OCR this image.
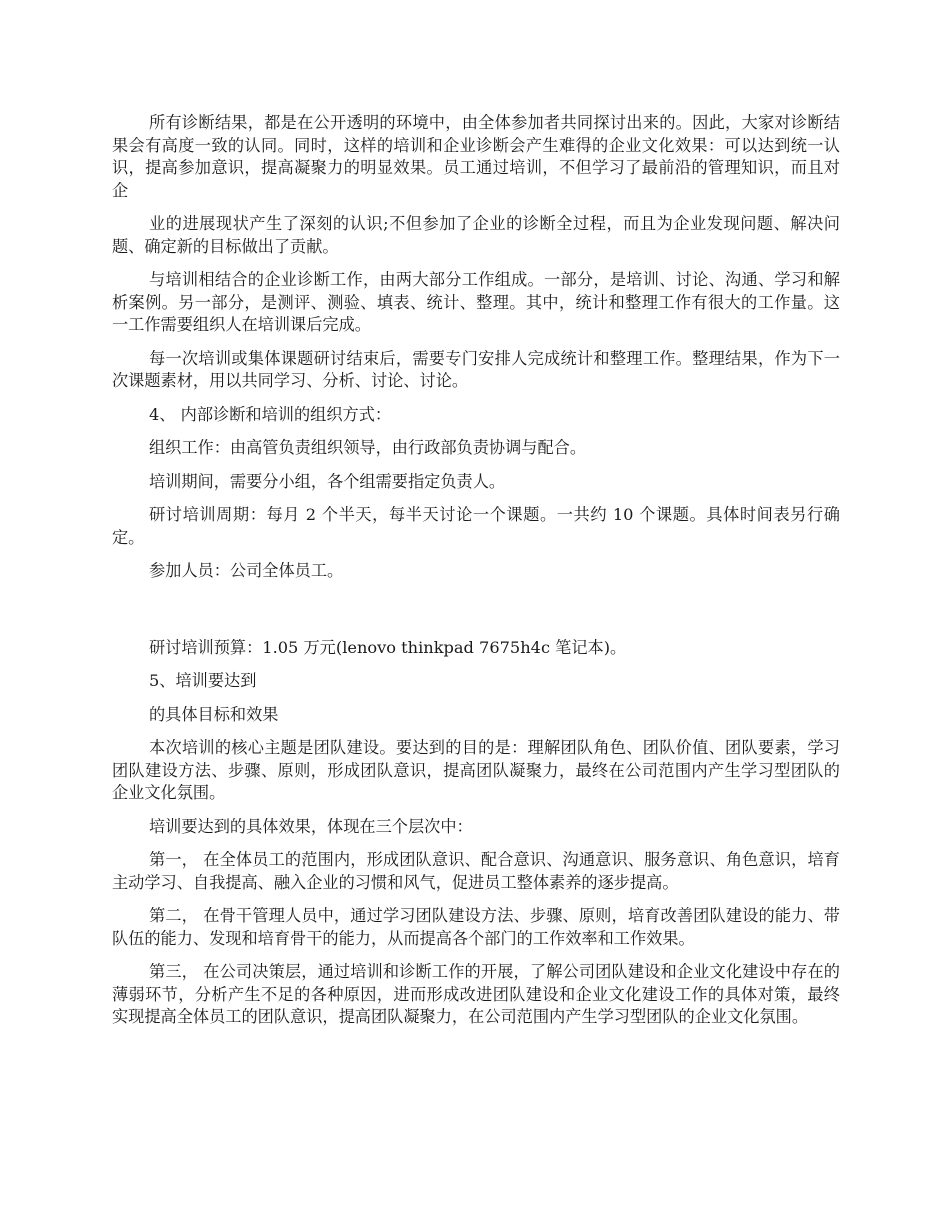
所有诊断结果，都是在公开透明的环境中，由全体参加者共同探讨出来的。因此，大家对诊断结果会有高度一致的认同。同时，这样的培训和企业诊断会产生难得的企业文化效果：可以达到统一认识，提高参加意识，提高凝聚力的明显效果。员工通过培训，不但学习了最前沿的管理知识，而且对企

业的进展现状产生了深刻的认识;不但参加了企业的诊断全过程，而且为企业发现问题、解决问题、确定新的目标做出了贡献。

与培训相结合的企业诊断工作，由两大部分工作组成。一部分，是培训、讨论、沟通、学习和解析案例。另一部分，是测评、测验、填表、统计、整理。其中，统计和整理工作有很大的工作量。这一工作需要组织人在培训课后完成。

每一次培训或集体课题研讨结束后，需要专门安排人完成统计和整理工作。整理结果，作为下一次课题素材，用以共同学习、分析、讨论、讨论。

4、 内部诊断和培训的组织方式：

组织工作：由高管负责组织领导，由行政部负责协调与配合。

培训期间，需要分小组，各个组需要指定负责人。

研讨培训周期：每月 2 个半天，每半天讨论一个课题。一共约 10 个课题。具体时间表另行确定。

参加人员：公司全体员工。

研讨培训预算：1.05 万元(lenovo thinkpad 7675h4c 笔记本)。

5、培训要达到

的具体目标和效果

本次培训的核心主题是团队建设。要达到的目的是：理解团队角色、团队价值、团队要素，学习团队建设方法、步骤、原则，形成团队意识，提高团队凝聚力，最终在公司范围内产生学习型团队的企业文化氛围。

培训要达到的具体效果，体现在三个层次中：

第一， 在全体员工的范围内，形成团队意识、配合意识、沟通意识、服务意识、角色意识，培育主动学习、自我提高、融入企业的习惯和风气，促进员工整体素养的逐步提高。

第二， 在骨干管理人员中，通过学习团队建设方法、步骤、原则，培育改善团队建设的能力、带队伍的能力、发现和培育骨干的能力，从而提高各个部门的工作效率和工作效果。

第三， 在公司决策层，通过培训和诊断工作的开展，了解公司团队建设和企业文化建设中存在的薄弱环节，分析产生不足的各种原因，进而形成改进团队建设和企业文化建设工作的具体对策，最终实现提高全体员工的团队意识，提高团队凝聚力，在公司范围内产生学习型团队的企业文化氛围。
